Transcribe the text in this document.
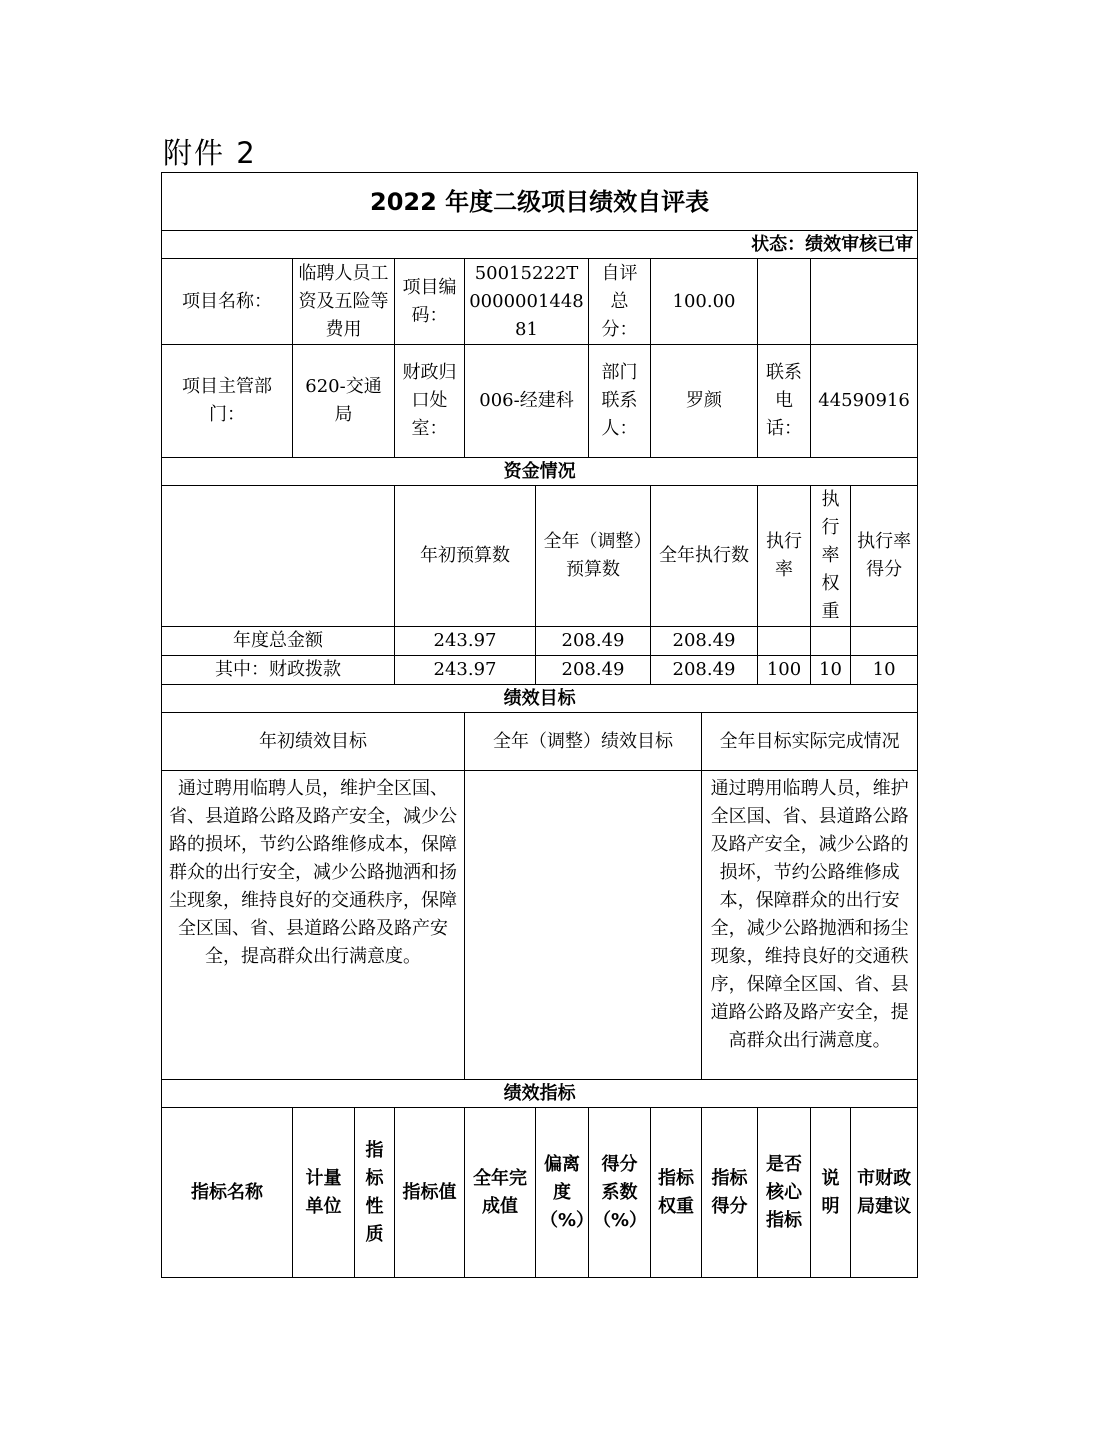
附件 2
2022 年度二级项目绩效自评表											
状态：绩效审核已审											
项目名称：	临聘人员工资及五险等费用		项目编码：	50015222T000000144881		自评总分：	100.00				
项目主管部门：	620-交通局		财政归口处室：	006-经建科		部门联系人：	罗颜		联系电话：	44590916	
资金情况											
			年初预算数		全年（调整）预算数		全年执行数		执行率	执行率权重	执行率得分
年度总金额			243.97		208.49		208.49				
其中：财政拨款			243.97		208.49		208.49		100	10	10
绩效目标											
年初绩效目标				全年（调整）绩效目标				全年目标实际完成情况			
通过聘用临聘人员，维护全区国、省、县道路公路及路产安全，减少公路的损坏，节约公路维修成本，保障群众的出行安全，减少公路抛洒和扬尘现象，维持良好的交通秩序，保障全区国、省、县道路公路及路产安全，提高群众出行满意度。								通过聘用临聘人员，维护全区国、省、县道路公路及路产安全，减少公路的损坏，节约公路维修成本，保障群众的出行安全，减少公路抛洒和扬尘现象，维持良好的交通秩序，保障全区国、省、县道路公路及路产安全，提高群众出行满意度。			
绩效指标											
指标名称	计量单位	指标性质	指标值	全年完成值	偏离度（%）	得分系数（%）	指标权重	指标得分	是否核心指标	说明	市财政局建议
